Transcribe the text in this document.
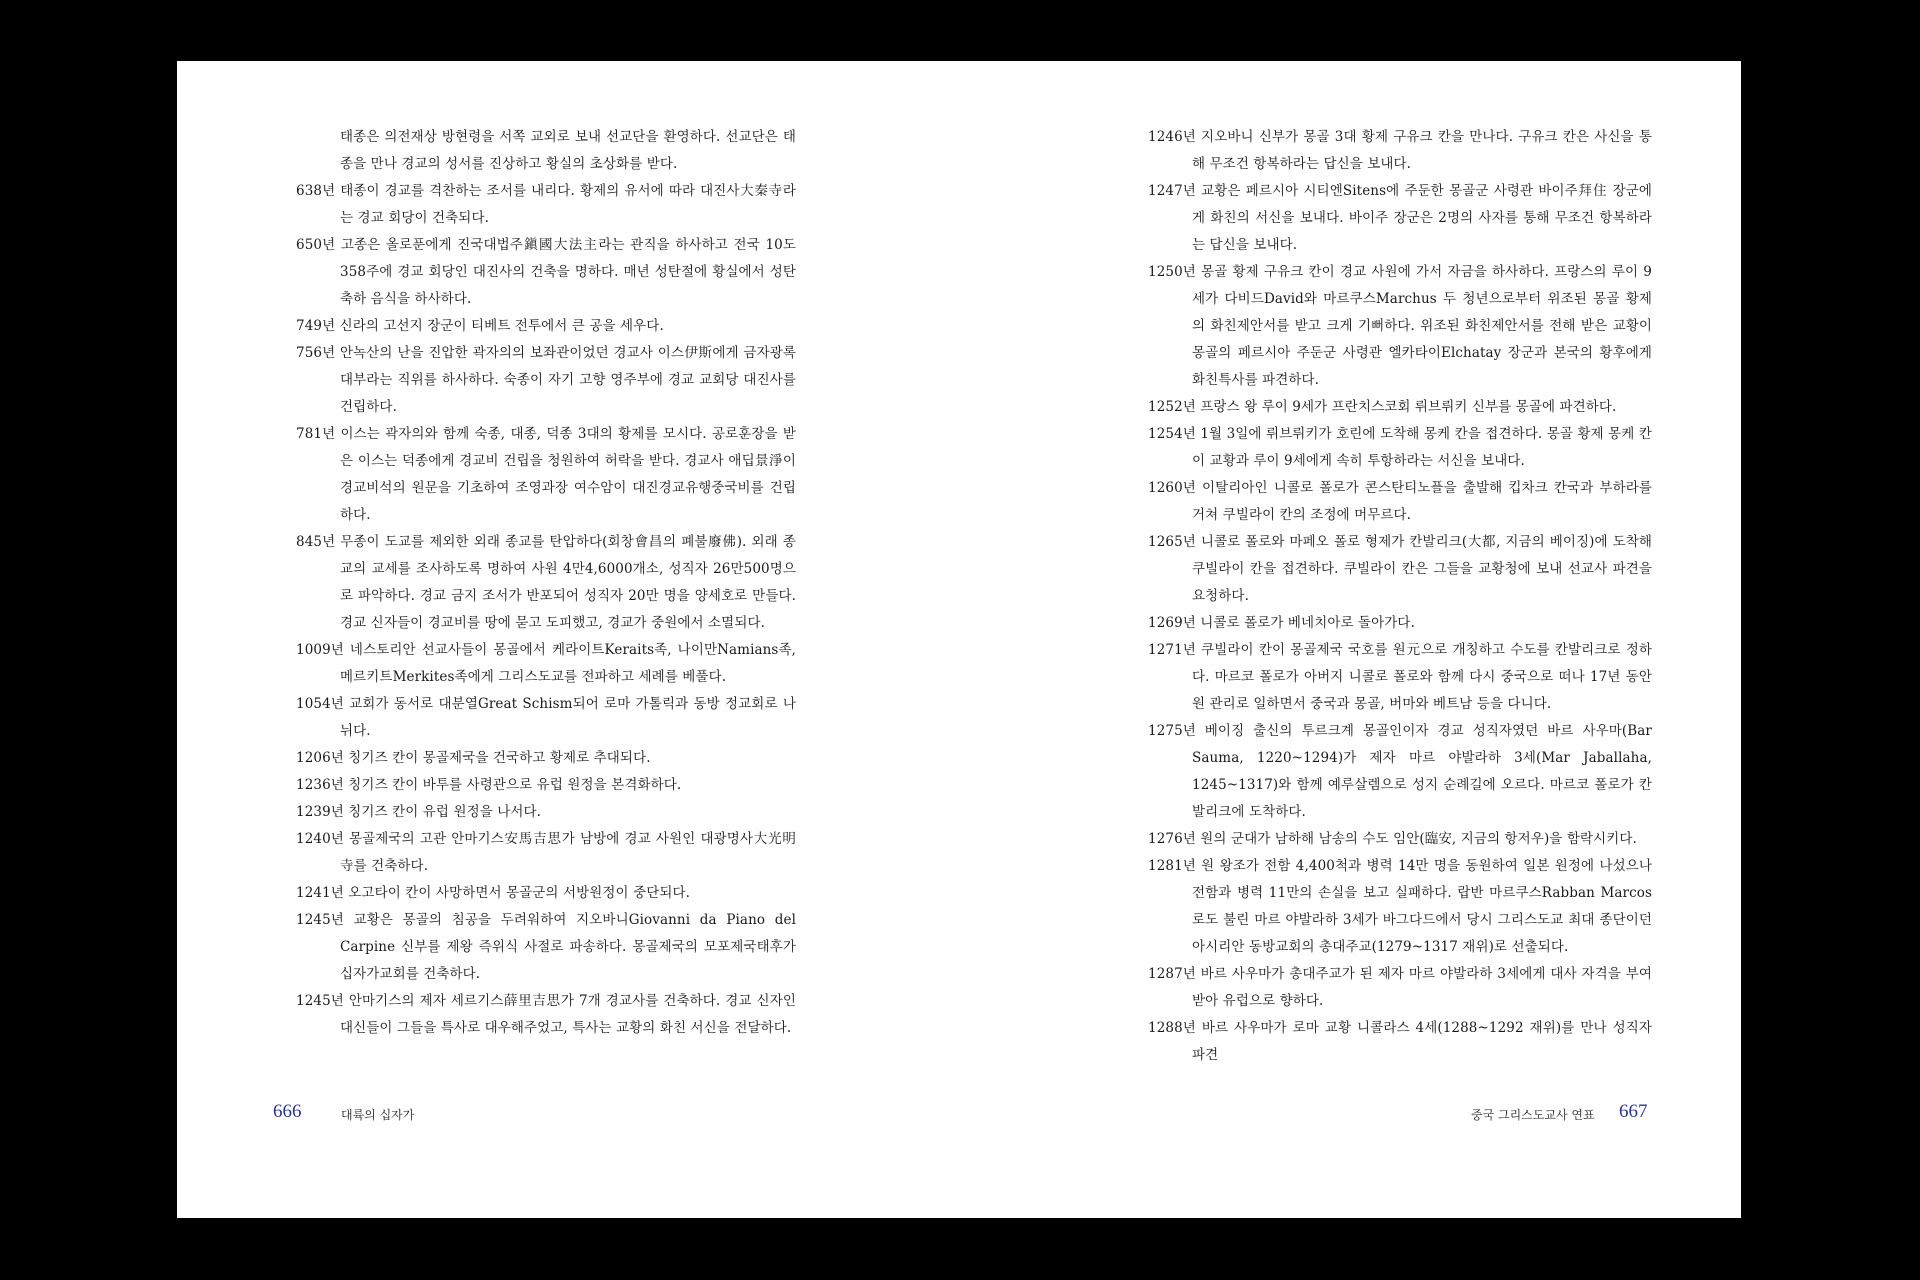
태종은 의전재상 방현령을 서쪽 교외로 보내 선교단을 환영하다. 선교단은 태종을 만나 경교의 성서를 진상하고 황실의 초상화를 받다.

638년 태종이 경교를 격찬하는 조서를 내리다. 황제의 유서에 따라 대진사大秦寺라는 경교 회당이 건축되다.

650년 고종은 올로푼에게 진국대법주鎭國大法主라는 관직을 하사하고 전국 10도 358주에 경교 회당인 대진사의 건축을 명하다. 매년 성탄절에 황실에서 성탄 축하 음식을 하사하다.

749년 신라의 고선지 장군이 티베트 전투에서 큰 공을 세우다.

756년 안녹산의 난을 진압한 곽자의의 보좌관이었던 경교사 이스伊斯에게 금자광록대부라는 직위를 하사하다. 숙종이 자기 고향 영주부에 경교 교회당 대진사를 건립하다.

781년 이스는 곽자의와 함께 숙종, 대종, 덕종 3대의 황제를 모시다. 공로훈장을 받은 이스는 덕종에게 경교비 건립을 청원하여 허락을 받다. 경교사 애딥景淨이 경교비석의 원문을 기초하여 조영과장 여수암이 대진경교유행중국비를 건립하다.

845년 무종이 도교를 제외한 외래 종교를 탄압하다(회창會昌의 폐불廢佛). 외래 종교의 교세를 조사하도록 명하여 사원 4만4,6000개소, 성직자 26만500명으로 파악하다. 경교 금지 조서가 반포되어 성직자 20만 명을 양세호로 만들다. 경교 신자들이 경교비를 땅에 묻고 도피했고, 경교가 중원에서 소멸되다.

1009년 네스토리안 선교사들이 몽골에서 케라이트Keraits족, 나이만Namians족, 메르키트Merkites족에게 그리스도교를 전파하고 세례를 베풀다.

1054년 교회가 동서로 대분열Great Schism되어 로마 가톨릭과 동방 정교회로 나뉘다.

1206년 칭기즈 칸이 몽골제국을 건국하고 황제로 추대되다.

1236년 칭기즈 칸이 바투를 사령관으로 유럽 원정을 본격화하다.

1239년 칭기즈 칸이 유럽 원정을 나서다.

1240년 몽골제국의 고관 안마기스安馬吉思가 남방에 경교 사원인 대광명사大光明寺를 건축하다.

1241년 오고타이 칸이 사망하면서 몽골군의 서방원정이 중단되다.

1245년 교황은 몽골의 침공을 두려워하여 지오바니Giovanni da Piano del Carpine 신부를 제왕 즉위식 사절로 파송하다. 몽골제국의 모포제국태후가 십자가교회를 건축하다.

1245년 안마기스의 제자 세르기스薛里吉思가 7개 경교사를 건축하다. 경교 신자인 대신들이 그들을 특사로 대우해주었고, 특사는 교황의 화친 서신을 전달하다.

666	대륙의 십자가

1246년 지오바니 신부가 몽골 3대 황제 구유크 칸을 만나다. 구유크 칸은 사신을 통해 무조건 항복하라는 답신을 보내다.

1247년 교황은 페르시아 시티엔Sitens에 주둔한 몽골군 사령관 바이주拜住 장군에게 화친의 서신을 보내다. 바이주 장군은 2명의 사자를 통해 무조건 항복하라는 답신을 보내다.

1250년 몽골 황제 구유크 칸이 경교 사원에 가서 자금을 하사하다. 프랑스의 루이 9세가 다비드David와 마르쿠스Marchus 두 청년으로부터 위조된 몽골 황제의 화친제안서를 받고 크게 기뻐하다. 위조된 화친제안서를 전해 받은 교황이 몽골의 페르시아 주둔군 사령관 엘카타이Elchatay 장군과 본국의 황후에게 화친특사를 파견하다.

1252년 프랑스 왕 루이 9세가 프란치스코회 뤼브뤼키 신부를 몽골에 파견하다.

1254년 1월 3일에 뤼브뤼키가 호린에 도착해 몽케 칸을 접견하다. 몽골 황제 몽케 칸이 교황과 루이 9세에게 속히 투항하라는 서신을 보내다.

1260년 이탈리아인 니콜로 폴로가 콘스탄티노플을 출발해 킵차크 칸국과 부하라를 거쳐 쿠빌라이 칸의 조정에 머무르다.

1265년 니콜로 폴로와 마페오 폴로 형제가 칸발리크(大都, 지금의 베이징)에 도착해 쿠빌라이 칸을 접견하다. 쿠빌라이 칸은 그들을 교황청에 보내 선교사 파견을 요청하다.

1269년 니콜로 폴로가 베네치아로 돌아가다.

1271년 쿠빌라이 칸이 몽골제국 국호를 원元으로 개칭하고 수도를 칸발리크로 정하다. 마르코 폴로가 아버지 니콜로 폴로와 함께 다시 중국으로 떠나 17년 동안 원 관리로 일하면서 중국과 몽골, 버마와 베트남 등을 다니다.

1275년 베이징 출신의 투르크계 몽골인이자 경교 성직자였던 바르 사우마(Bar Sauma, 1220~1294)가 제자 마르 야발라하 3세(Mar Jaballaha, 1245~1317)와 함께 예루살렘으로 성지 순례길에 오르다. 마르코 폴로가 칸발리크에 도착하다.

1276년 원의 군대가 남하해 남송의 수도 임안(臨安, 지금의 항저우)을 함락시키다.

1281년 원 왕조가 전함 4,400척과 병력 14만 명을 동원하여 일본 원정에 나섰으나 전함과 병력 11만의 손실을 보고 실패하다. 랍반 마르쿠스Rabban Marcos로도 불린 마르 야발라하 3세가 바그다드에서 당시 그리스도교 최대 종단이던 아시리안 동방교회의 총대주교(1279~1317 재위)로 선출되다.

1287년 바르 사우마가 총대주교가 된 제자 마르 야발라하 3세에게 대사 자격을 부여받아 유럽으로 향하다.

1288년 바르 사우마가 로마 교황 니콜라스 4세(1288~1292 재위)를 만나 성직자 파견

중국 그리스도교사 연표 667
